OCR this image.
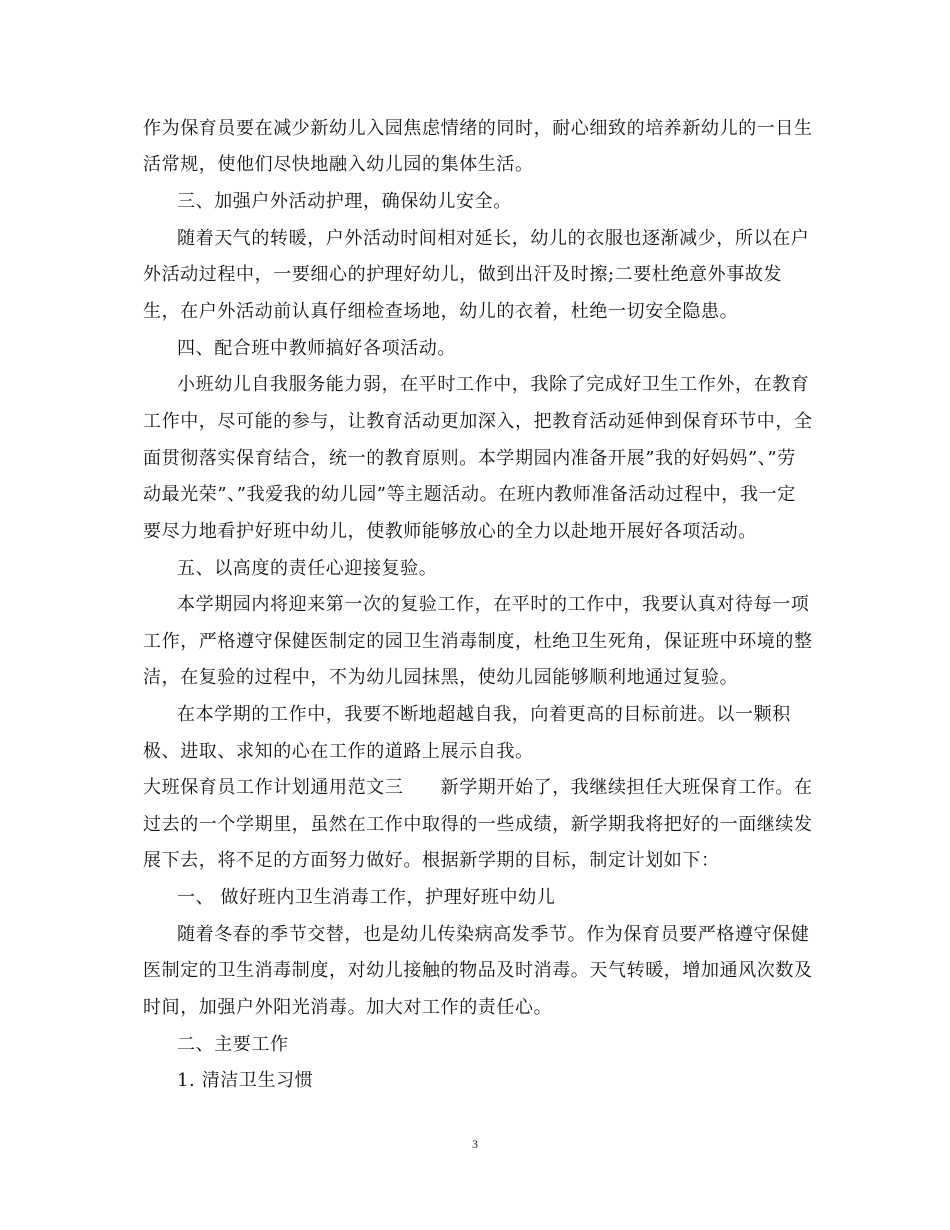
作为保育员要在减少新幼儿入园焦虑情绪的同时，耐心细致的培养新幼儿的一日生
活常规，使他们尽快地融入幼儿园的集体生活。
三、加强户外活动护理，确保幼儿安全。
随着天气的转暖，户外活动时间相对延长，幼儿的衣服也逐渐减少，所以在户
外活动过程中，一要细心的护理好幼儿，做到出汗及时擦;二要杜绝意外事故发
生，在户外活动前认真仔细检查场地，幼儿的衣着，杜绝一切安全隐患。
四、配合班中教师搞好各项活动。
小班幼儿自我服务能力弱，在平时工作中，我除了完成好卫生工作外，在教育
工作中，尽可能的参与，让教育活动更加深入，把教育活动延伸到保育环节中，全
面贯彻落实保育结合，统一的教育原则。本学期园内准备开展”我的好妈妈”、”劳
动最光荣”、”我爱我的幼儿园”等主题活动。在班内教师准备活动过程中，我一定
要尽力地看护好班中幼儿，使教师能够放心的全力以赴地开展好各项活动。
五、以高度的责任心迎接复验。
本学期园内将迎来第一次的复验工作，在平时的工作中，我要认真对待每一项
工作，严格遵守保健医制定的园卫生消毒制度，杜绝卫生死角，保证班中环境的整
洁，在复验的过程中，不为幼儿园抹黑，使幼儿园能够顺利地通过复验。
在本学期的工作中，我要不断地超越自我，向着更高的目标前进。以一颗积
极、进取、求知的心在工作的道路上展示自我。
大班保育员工作计划通用范文三　　新学期开始了，我继续担任大班保育工作。在
过去的一个学期里，虽然在工作中取得的一些成绩，新学期我将把好的一面继续发
展下去，将不足的方面努力做好。根据新学期的目标，制定计划如下：
一、 做好班内卫生消毒工作，护理好班中幼儿
随着冬春的季节交替，也是幼儿传染病高发季节。作为保育员要严格遵守保健
医制定的卫生消毒制度，对幼儿接触的物品及时消毒。天气转暖，增加通风次数及
时间，加强户外阳光消毒。加大对工作的责任心。
二、主要工作
1. 清洁卫生习惯
3
